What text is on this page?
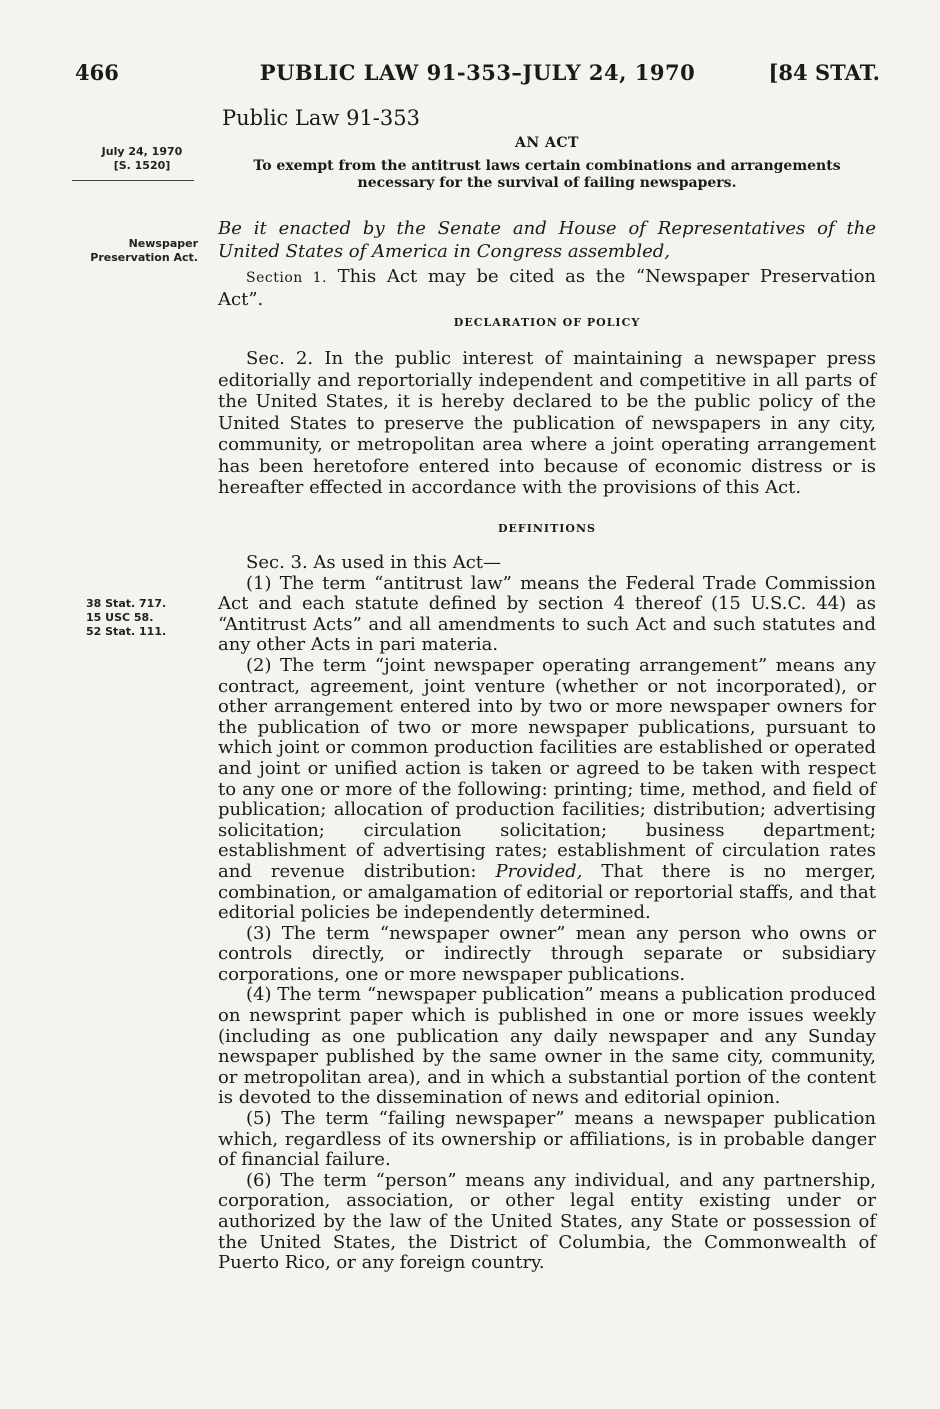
466	PUBLIC LAW 91-353–JULY 24, 1970	[84 STAT.
Public Law 91-353
AN ACT
July 24, 1970
[S. 1520]	To exempt from the antitrust laws certain combinations and arrangements necessary for the survival of failing newspapers.
Newspaper
Preservation Act.
Be it enacted by the Senate and House of Representatives of the United States of America in Congress assembled,

Section 1. This Act may be cited as the “Newspaper Preservation Act”.

DECLARATION OF POLICY

Sec. 2. In the public interest of maintaining a newspaper press editorially and reportorially independent and competitive in all parts of the United States, it is hereby declared to be the public policy of the United States to preserve the publication of newspapers in any city, community, or metropolitan area where a joint operating arrangement has been heretofore entered into because of economic distress or is hereafter effected in accordance with the provisions of this Act.

DEFINITIONS
38 Stat. 717.
15 USC 58.
52 Stat. 111.

Sec. 3. As used in this Act—

(1) The term “antitrust law” means the Federal Trade Commission Act and each statute defined by section 4 thereof (15 U.S.C. 44) as “Antitrust Acts” and all amendments to such Act and such statutes and any other Acts in pari materia.

(2) The term “joint newspaper operating arrangement” means any contract, agreement, joint venture (whether or not incorporated), or other arrangement entered into by two or more newspaper owners for the publication of two or more newspaper publications, pursuant to which joint or common production facilities are established or operated and joint or unified action is taken or agreed to be taken with respect to any one or more of the following: printing; time, method, and field of publication; allocation of production facilities; distribution; advertising solicitation; circulation solicitation; business department; establishment of advertising rates; establishment of circulation rates and revenue distribution: Provided, That there is no merger, combination, or amalgamation of editorial or reportorial staffs, and that editorial policies be independently determined.

(3) The term “newspaper owner” mean any person who owns or controls directly, or indirectly through separate or subsidiary corporations, one or more newspaper publications.

(4) The term “newspaper publication” means a publication produced on newsprint paper which is published in one or more issues weekly (including as one publication any daily newspaper and any Sunday newspaper published by the same owner in the same city, community, or metropolitan area), and in which a substantial portion of the content is devoted to the dissemination of news and editorial opinion.

(5) The term “failing newspaper” means a newspaper publication which, regardless of its ownership or affiliations, is in probable danger of financial failure.

(6) The term “person” means any individual, and any partnership, corporation, association, or other legal entity existing under or authorized by the law of the United States, any State or possession of the United States, the District of Columbia, the Commonwealth of Puerto Rico, or any foreign country.
